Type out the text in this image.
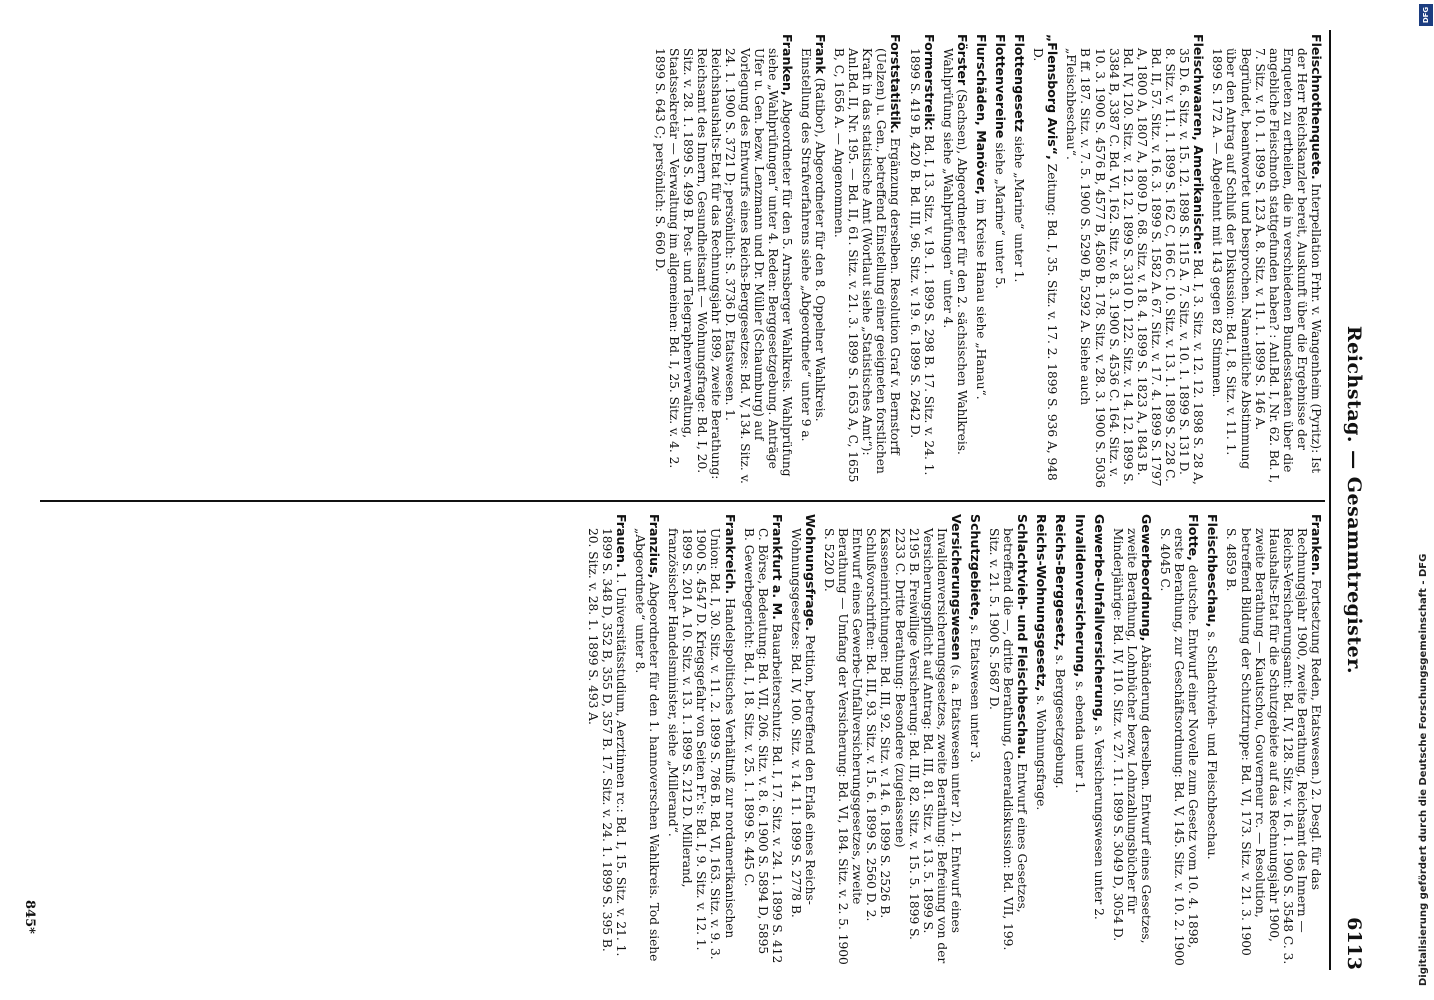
Reichstag. — Gesammtregister.
6113
Fleischnothenquete. Interpellation Frhr. v. Wangenheim (Pyritz): Ist der Herr Reichskanzler bereit, Auskunft über die Ergebnisse der Enqueten zu ertheilen, die in verschiedenen Bundesstaaten über die angebliche Fleischnoth stattgefunden haben? : Anl.Bd. I, Nr. 62. Bd. I, 7. Sitz. v. 10. 1. 1899 S. 123 A. 8. Sitz. v. 11. 1. 1899 S. 146 A. Begründet, beantwortet und besprochen. Namentliche Abstimmung über den Antrag auf Schluß der Diskussion: Bd. I, 8. Sitz. v. 11. 1. 1899 S. 172 A. — Abgelehnt mit 143 gegen 82 Stimmen.
Fleischwaaren, Amerikanische: Bd. I, 3. Sitz. v. 12. 12. 1898 S. 28 A, 35 D. 6. Sitz. v. 15. 12. 1898 S. 115 A. 7. Sitz. v. 10. 1. 1899 S. 131 D. 8. Sitz. v. 11. 1. 1899 S. 162 C, 166 C. 10. Sitz. v. 13. 1. 1899 S. 228 C. Bd. II, 57. Sitz. v. 16. 3. 1899 S. 1582 A. 67. Sitz. v. 17. 4. 1899 S. 1797 A, 1800 A, 1807 A, 1809 D. 68. Sitz. v. 18. 4. 1899 S. 1823 A, 1843 B. Bd. IV, 120. Sitz. v. 12. 12. 1899 S. 3310 D. 122. Sitz. v. 14. 12. 1899 S. 3384 B, 3387 C. Bd. VI, 162. Sitz. v. 8. 3. 1900 S. 4536 C. 164. Sitz. v. 10. 3. 1900 S. 4576 B, 4577 B, 4580 B. 178. Sitz. v. 28. 3. 1900 S. 5036 B ff. 187. Sitz. v. 7. 5. 1900 S. 5290 B, 5292 A. Siehe auch „Fleischbeschau“.
„Flensborg Avis“, Zeitung: Bd. I, 35. Sitz. v. 17. 2. 1899 S. 936 A, 948 D.
Flottengesetz siehe „Marine“ unter 1.
Flottenvereine siehe „Marine“ unter 5.
Flurschäden, Manöver, im Kreise Hanau siehe „Hanau“.
Förster (Sachsen), Abgeordneter für den 2. sächsischen Wahlkreis. Wahlprüfung siehe „Wahlprüfungen“ unter 4.
Formerstreik: Bd. I, 13. Sitz. v. 19. 1. 1899 S. 298 B. 17. Sitz. v. 24. 1. 1899 S. 419 B, 420 B. Bd. III, 96. Sitz. v. 19. 6. 1899 S. 2642 D.
Forststatistik. Ergänzung derselben. Resolution Graf v. Bernstorff (Uelzen) u. Gen., betreffend Einstellung einer geeigneten forstlichen Kraft in das statistische Amt (Wortlaut siehe „Statistisches Amt“): Anl.Bd. II, Nr. 195. — Bd. II, 61. Sitz. v. 21. 3. 1899 S. 1653 A, C, 1655 B, C, 1656 A. — Angenommen.
Frank (Ratibor), Abgeordneter für den 8. Oppelner Wahlkreis. Einstellung des Strafverfahrens siehe „Abgeordnete“ unter 9 a.
Franken, Abgeordneter für den 5. Arnsberger Wahlkreis. Wahlprüfung siehe „Wahlprüfungen“ unter 4. Reden: Berggesetzgebung. Anträge Ufer u. Gen. bezw. Lenzmann und Dr. Müller (Schaumburg) auf Vorlegung des Entwurfs eines Reichs-Berggesetzes: Bd. V, 134. Sitz. v. 24. 1. 1900 S. 3721 D; persönlich: S. 3736 D. Etatswesen. 1. Reichshaushalts-Etat für das Rechnungsjahr 1899, zweite Berathung: Reichsamt des Innern, Gesundheitsamt — Wohnungsfrage: Bd. I, 20. Sitz. v. 28. 1. 1899 S. 499 B. Post- und Telegraphenverwaltung, Staatssekretär — Verwaltung im allgemeinen: Bd. I, 25. Sitz. v. 4. 2. 1899 S. 643 C; persönlich: S. 660 D.
Franken. Fortsetzung Reden, Etatswesen.) 2. Desgl. für das Rechnungsjahr 1900, zweite Berathung, Reichsamt des Innern — Reichs-Versicherungsamt: Bd. IV, 128. Sitz. v. 16. 1. 1900 S. 3548 C. 3. Haushalts-Etat für die Schutzgebiete auf das Rechnungsjahr 1900, zweite Berathung — Kiautschou, Gouverneur rc. — Resolution, betreffend Bildung der Schutztruppe: Bd. VI, 173. Sitz. v. 21. 3. 1900 S. 4859 B.
Fleischbeschau, s. Schlachtvieh- und Fleischbeschau.
Flotte, deutsche. Entwurf einer Novelle zum Gesetz vom 10. 4. 1898, erste Berathung, zur Geschäftsordnung: Bd. V, 145. Sitz. v. 10. 2. 1900 S. 4045 C.
Gewerbeordnung, Abänderung derselben. Entwurf eines Gesetzes, zweite Berathung, Lohnbücher bezw. Lohnzahlungsbücher für Minderjährige: Bd. IV, 110. Sitz. v. 27. 11. 1899 S. 3049 D, 3054 D.
Gewerbe-Unfallversicherung, s. Versicherungswesen unter 2.
Invalidenversicherung, s. ebenda unter 1.
Reichs-Berggesetz, s. Berggesetzgebung.
Reichs-Wohnungsgesetz, s. Wohnungsfrage.
Schlachtvieh- und Fleischbeschau. Entwurf eines Gesetzes, betreffend die —, dritte Berathung, Generaldiskussion: Bd. VII, 199. Sitz. v. 21. 5. 1900 S. 5687 D.
Schutzgebiete, s. Etatswesen unter 3.
Versicherungswesen (s. a. Etatswesen unter 2). 1. Entwurf eines Invalidenversicherungsgesetzes, zweite Berathung: Befreiung von der Versicherungspflicht auf Antrag: Bd. III, 81. Sitz. v. 13. 5. 1899 S. 2195 B. Freiwillige Versicherung: Bd. III, 82. Sitz. v. 15. 5. 1899 S. 2233 C. Dritte Berathung: Besondere (zugelassene) Kasseneinrichtungen: Bd. III, 92. Sitz. v. 14. 6. 1899 S. 2526 B. Schlußvorschriften: Bd. III, 93. Sitz. v. 15. 6. 1899 S. 2560 D. 2. Entwurf eines Gewerbe-Unfallversicherungsgesetzes, zweite Berathung — Umfang der Versicherung: Bd. VI, 184. Sitz. v. 2. 5. 1900 S. 5220 D.
Wohnungsfrage. Petition, betreffend den Erlaß eines Reichs-Wohnungsgesetzes: Bd. IV, 100. Sitz. v. 14. 11. 1899 S. 2778 B.
Frankfurt a. M. Bauarbeiterschutz: Bd. I, 17. Sitz. v. 24. 1. 1899 S. 412 C. Börse, Bedeutung: Bd. VII, 206. Sitz. v. 8. 6. 1900 S. 5894 D, 5895 B. Gewerbegericht: Bd. I, 18. Sitz. v. 25. 1. 1899 S. 445 C.
Frankreich. Handelspolitisches Verhältniß zur nordamerikanischen Union: Bd. I, 30. Sitz. v. 11. 2. 1899 S. 786 B. Bd. VI, 163. Sitz. v. 9. 3. 1900 S. 4547 D. Kriegsgefahr von Seiten Fr.'s: Bd. I, 9. Sitz. v. 12. 1. 1899 S. 201 A. 10. Sitz. v. 13. 1. 1899 S. 212 D. Millerand, französischer Handelsminister, siehe „Millerand“.
Franzius, Abgeordneter für den 1. hannoverschen Wahlkreis. Tod siehe „Abgeordnete“ unter 8.
Frauen. 1. Universitätsstudium, Aerztinnen rc.: Bd. I, 15. Sitz. v. 21. 1. 1899 S. 348 D, 352 B, 355 D, 357 B. 17. Sitz. v. 24. 1. 1899 S. 395 B. 20. Sitz. v. 28. 1. 1899 S. 493 A.
845*	Digitalisierung gefördert durch die Deutsche Forschungsgemeinschaft - DFG
DFG
